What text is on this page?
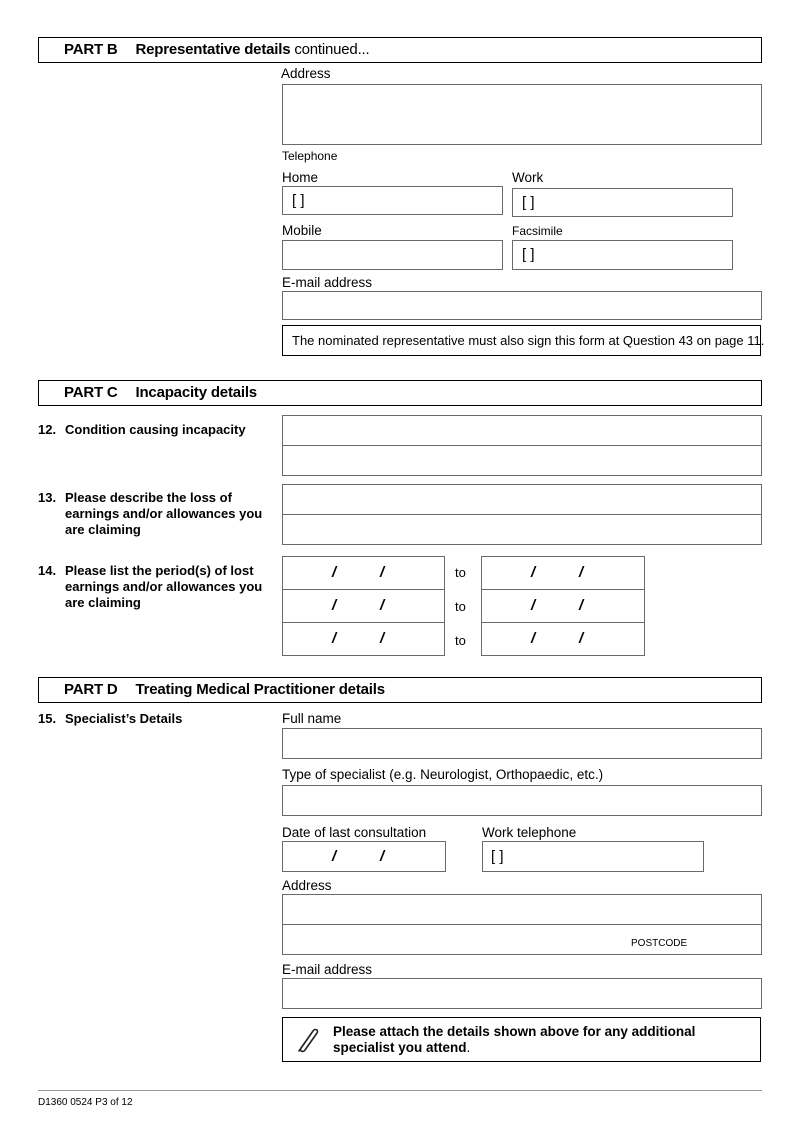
PART B Representative details continued...
Address
Telephone
Home
[ ]
Work
[ ]
Mobile	Facsimile
[ ]
E-mail address
The nominated representative must also sign this form at Question 43 on page 11.
PART C Incapacity details
12. Condition causing incapacity
13. Please describe the loss of earnings and/or allowances you are claiming
14. Please list the period(s) of lost earnings and/or allowances you are claiming
/	/	to	/	/
/	/	to	/	/
/	/	to	/	/
PART D Treating Medical Practitioner details
15. Specialist’s Details	Full name
Type of specialist (e.g. Neurologist, Orthopaedic, etc.)
Date of last consultation
/	/
Work telephone
[ ]
Address
POSTCODE
E-mail address
Please attach the details shown above for any additional specialist you attend.
D1360 0524 P3 of 12
